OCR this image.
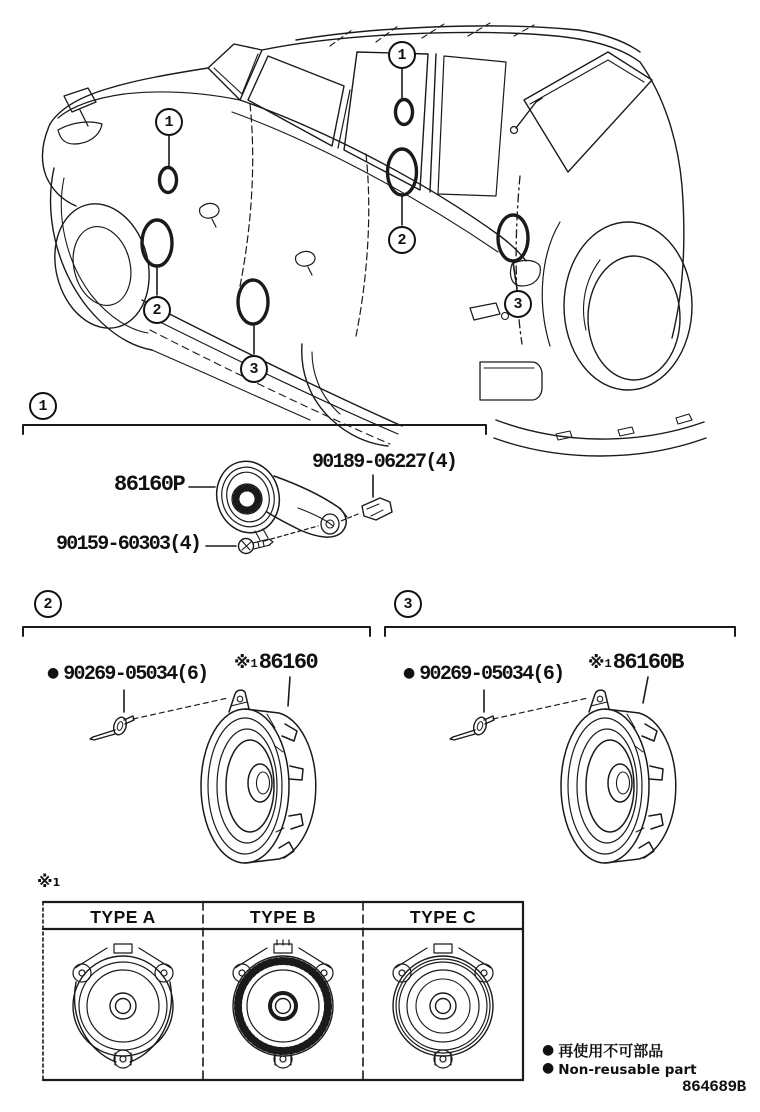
1
2
3
1
2
3
1
2	3
86160P
90189-06227(4)
90159-60303(4)
● 90269-05034(6) ※186160	● 90269-05034(6) ※186160B
※1
TYPE A	TYPE B	TYPE C
● 再使用不可部品
● Non-reusable part
864689B
